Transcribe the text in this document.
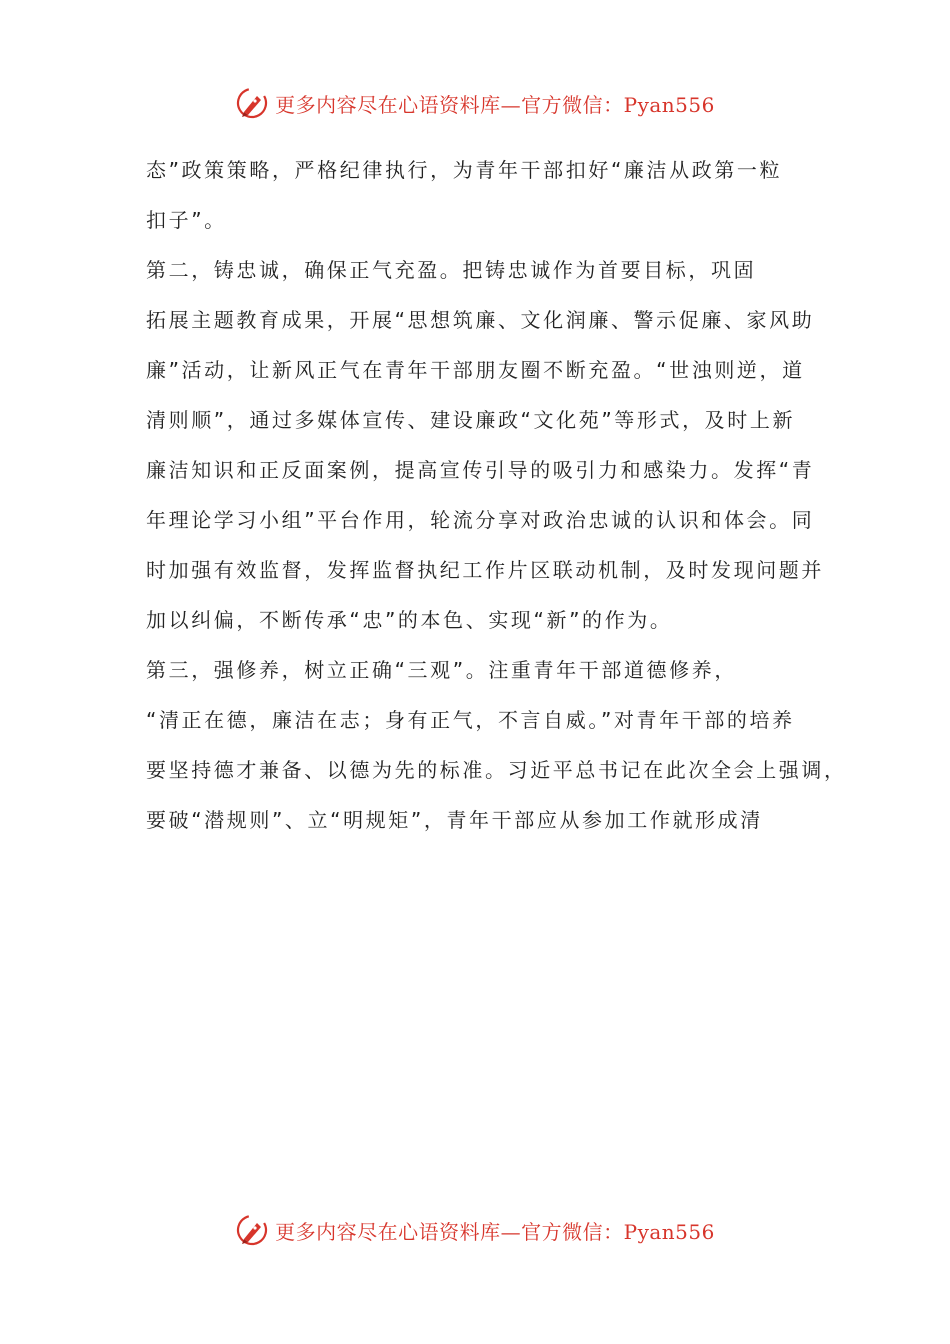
更多内容尽在心语资料库—官方微信：Pyan556
态”政策策略，严格纪律执行，为青年干部扣好“廉洁从政第一粒
扣子”。
第二，铸忠诚，确保正气充盈。把铸忠诚作为首要目标，巩固
拓展主题教育成果，开展“思想筑廉、文化润廉、警示促廉、家风助
廉”活动，让新风正气在青年干部朋友圈不断充盈。“世浊则逆，道
清则顺”，通过多媒体宣传、建设廉政“文化苑”等形式，及时上新
廉洁知识和正反面案例，提高宣传引导的吸引力和感染力。发挥“青
年理论学习小组”平台作用，轮流分享对政治忠诚的认识和体会。同
时加强有效监督，发挥监督执纪工作片区联动机制，及时发现问题并
加以纠偏，不断传承“忠”的本色、实现“新”的作为。
第三，强修养，树立正确“三观”。注重青年干部道德修养，
“清正在德，廉洁在志；身有正气，不言自威。”对青年干部的培养
要坚持德才兼备、以德为先的标准。习近平总书记在此次全会上强调，
要破“潜规则”、立“明规矩”，青年干部应从参加工作就形成清
更多内容尽在心语资料库—官方微信：Pyan556
